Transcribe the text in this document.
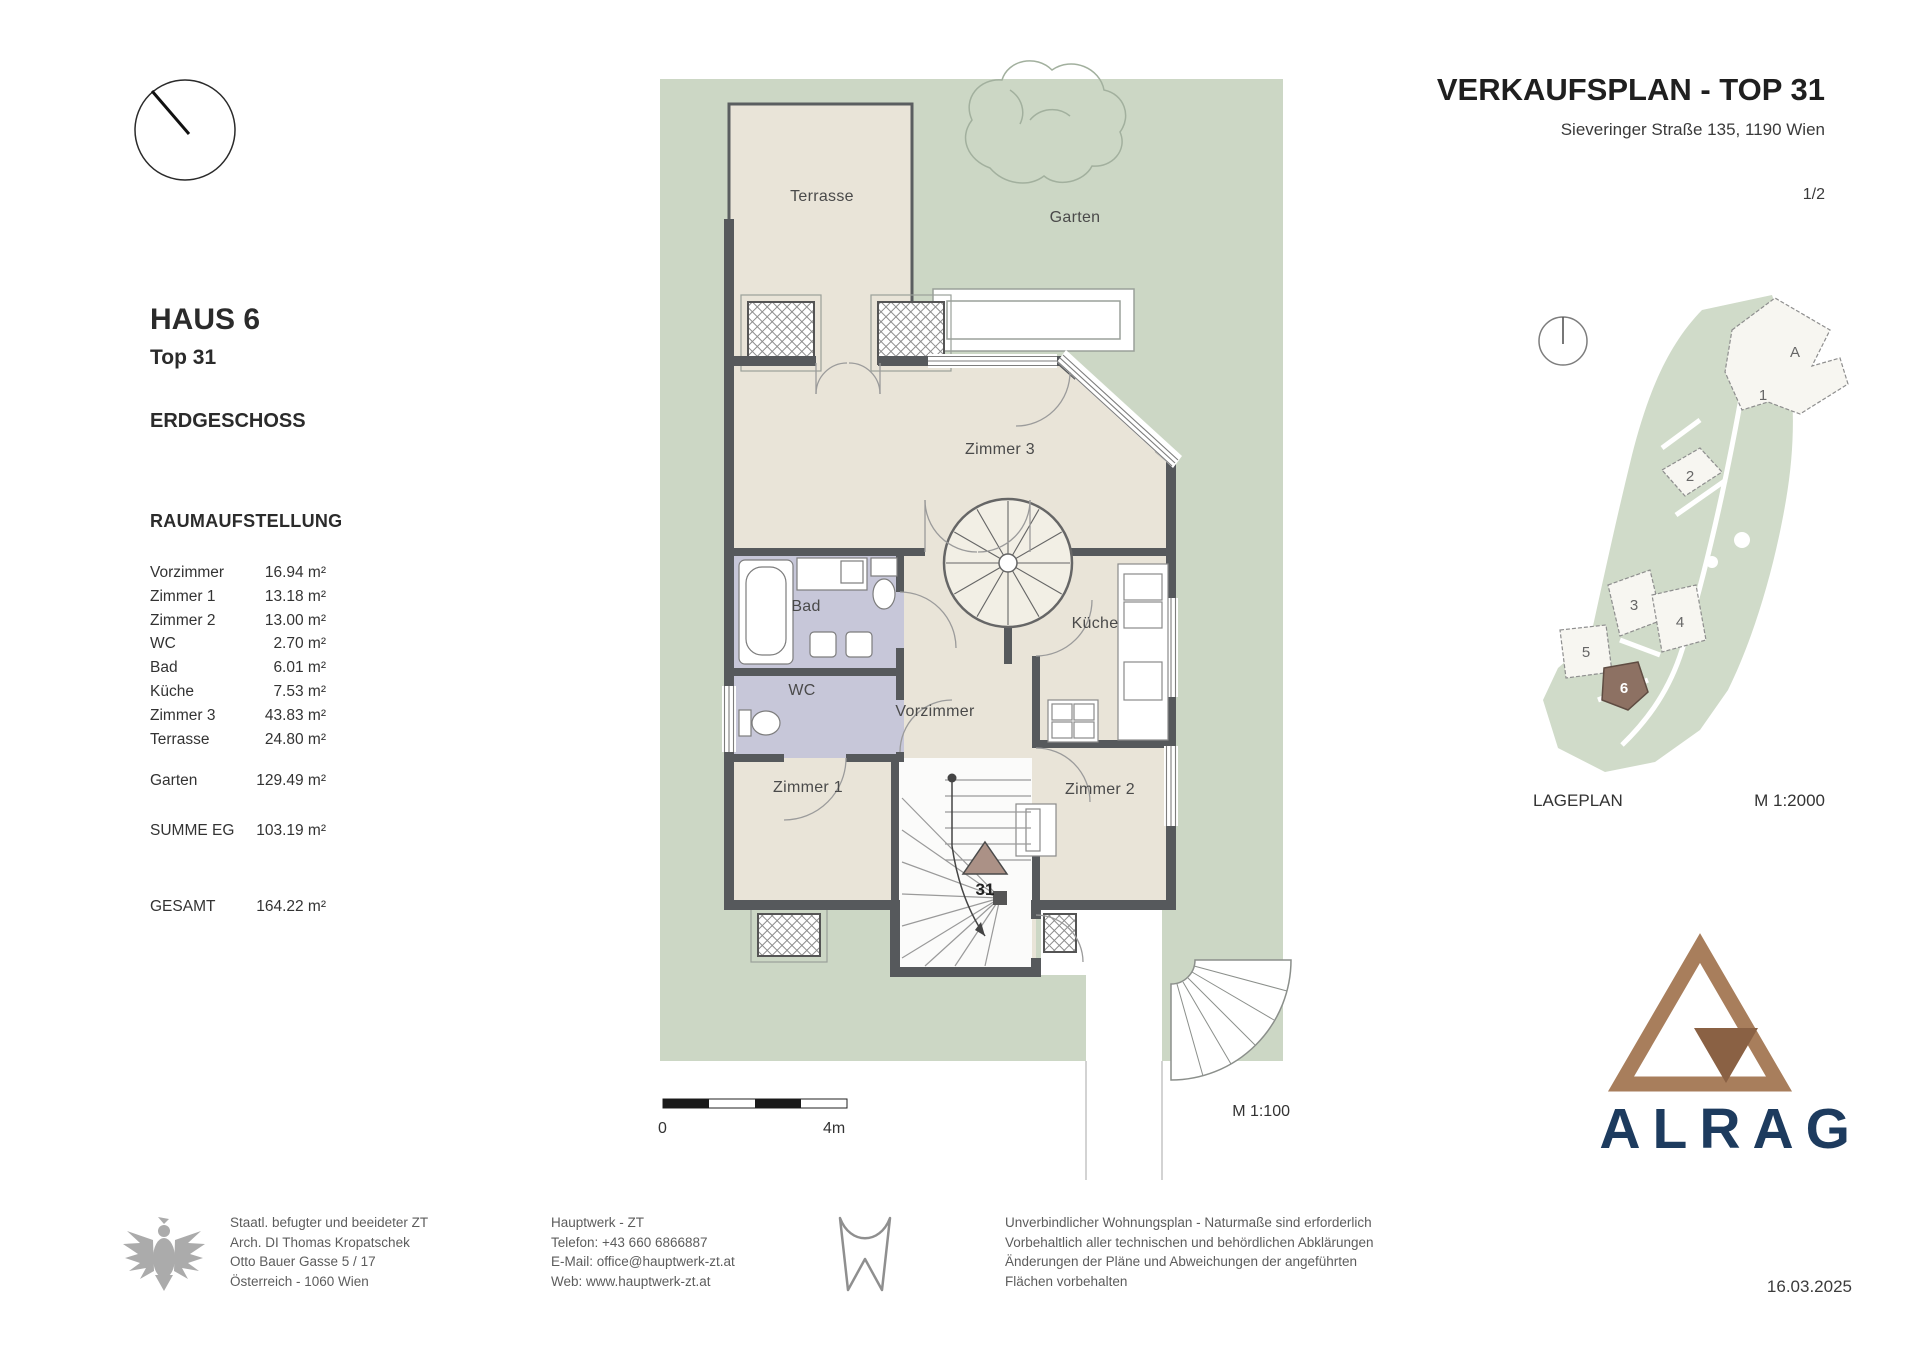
A
1
2
3
4
5
6
VERKAUFSPLAN - TOP 31
Sieveringer Straße 135, 1190 Wien
1/2
HAUS 6
Top 31
ERDGESCHOSS
RAUMAUFSTELLUNG
Vorzimmer	16.94 m²
Zimmer 1	13.18 m²
Zimmer 2	13.00 m²
WC	2.70 m²
Bad	6.01 m²
Küche	7.53 m²
Zimmer 3	43.83 m²
Terrasse	24.80 m²
Garten	129.49 m²
SUMME EG 103.19 m²
GESAMT	164.22 m²
Terrasse
Garten
Zimmer 3
Bad
WC
Küche
Vorzimmer
Zimmer 1	Zimmer 2
31
0	4m
M 1:100
LAGEPLAN	M 1:2000
ALRAG
16.03.2025
Staatl. befugter und beeideter ZT
Arch. DI Thomas Kropatschek
Otto Bauer Gasse 5 / 17
Österreich - 1060 Wien
Hauptwerk - ZT
Telefon: +43 660 6866887
E-Mail: office@hauptwerk-zt.at
Web: www.hauptwerk-zt.at
Unverbindlicher Wohnungsplan - Naturmaße sind erforderlich
Vorbehaltlich aller technischen und behördlichen Abklärungen
Änderungen der Pläne und Abweichungen der angeführten
Flächen vorbehalten
